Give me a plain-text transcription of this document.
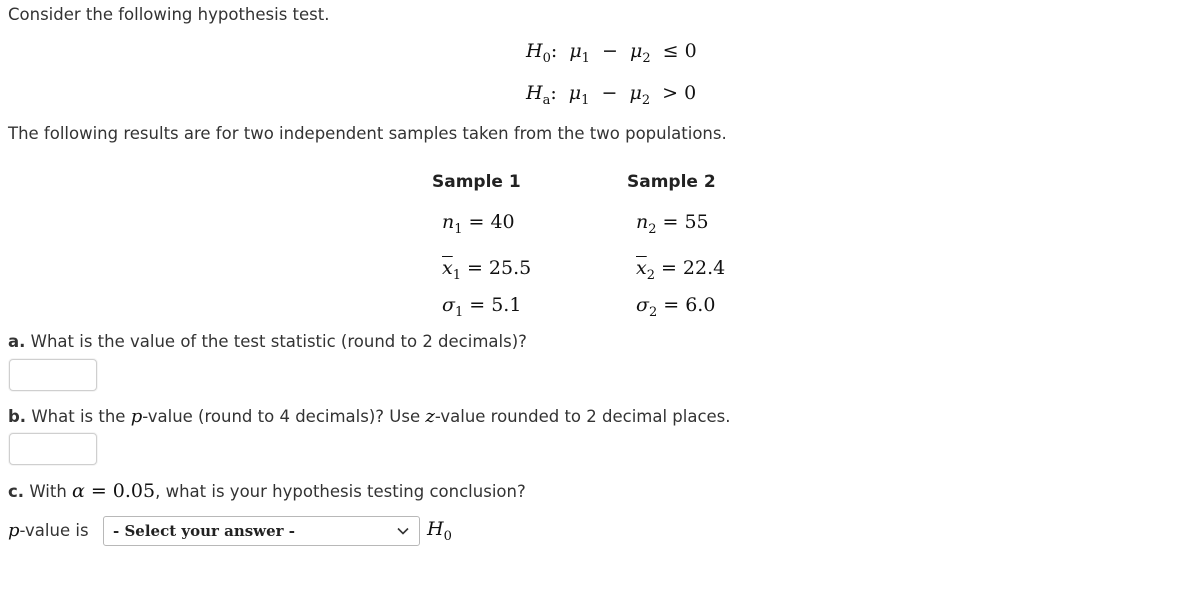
Consider the following hypothesis test.
$H_0$: $\mu_1 - \mu_2 \le 0$
$H_a$: $\mu_1 - \mu_2 > 0$
The following results are for two independent samples taken from the two populations.
Sample 1	Sample 2
$n_1 = 40$	$n_2 = 55$
$\overline{x}_1 = 25.5$	$\overline{x}_2 = 22.4$
$\sigma_1 = 5.1$	$\sigma_2 = 6.0$
a. What is the value of the test statistic (round to 2 decimals)?
b. What is the p-value (round to 4 decimals)? Use z-value rounded to 2 decimal places.
c. With α = 0.05, what is your hypothesis testing conclusion?
p-value is	- Select your answer -	$H_0$
